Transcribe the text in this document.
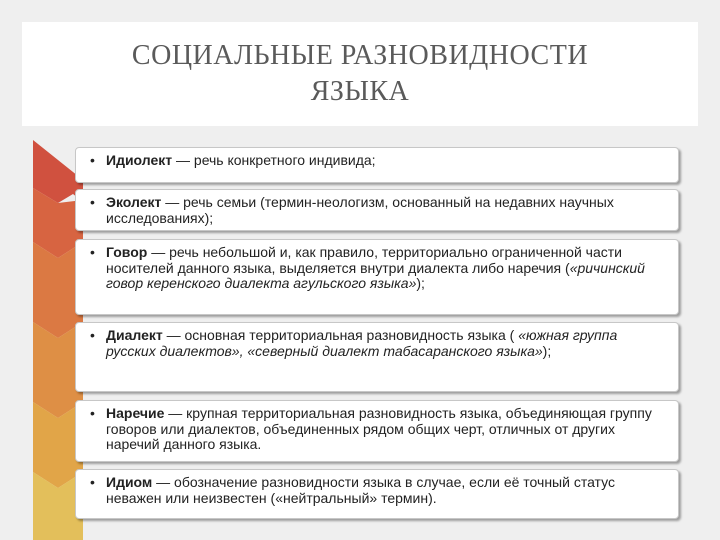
СОЦИАЛЬНЫЕ РАЗНОВИДНОСТИ
ЯЗЫКА
• Идиолект — речь конкретного индивида;
• Эколект — речь семьи (термин-неологизм, основанный на недавних научных исследованиях);
• Говор — речь небольшой и, как правило, территориально ограниченной части носителей данного языка, выделяется внутри диалекта либо наречия («ричинский говор керенского диалекта агульского языка»);
• Диалект — основная территориальная разновидность языка ( «южная группа русских диалектов», «северный диалект табасаранского языка»);
• Наречие — крупная территориальная разновидность языка, объединяющая группу говоров или диалектов, объединенных рядом общих черт, отличных от других наречий данного языка.
• Идиом — обозначение разновидности языка в случае, если её точный статус неважен или неизвестен («нейтральный» термин).
